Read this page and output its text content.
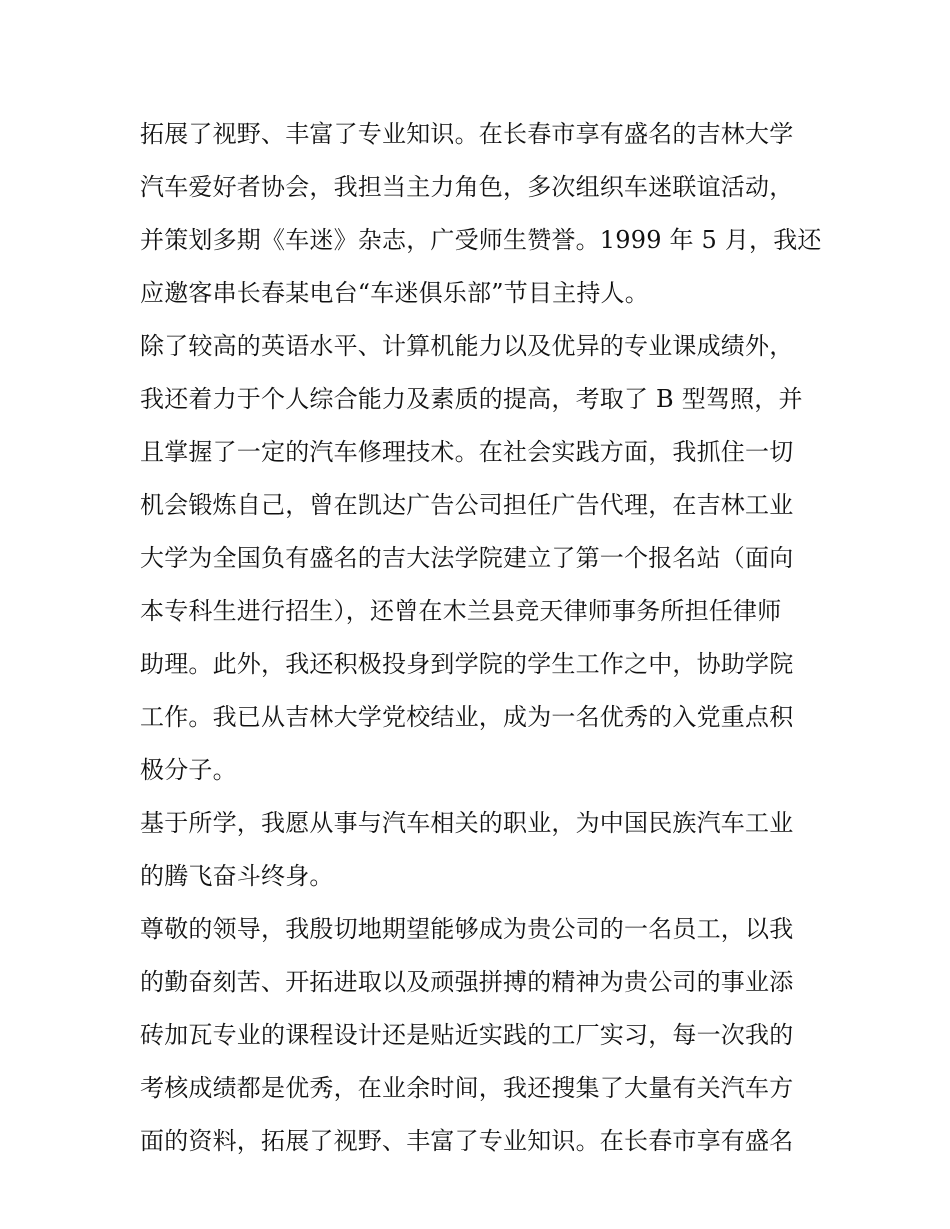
拓展了视野、丰富了专业知识。在长春市享有盛名的吉林大学
汽车爱好者协会，我担当主力角色，多次组织车迷联谊活动，
并策划多期《车迷》杂志，广受师生赞誉。1999 年 5 月，我还
应邀客串长春某电台“车迷俱乐部”节目主持人。

除了较高的英语水平、计算机能力以及优异的专业课成绩外，
我还着力于个人综合能力及素质的提高，考取了 B 型驾照，并
且掌握了一定的汽车修理技术。在社会实践方面，我抓住一切
机会锻炼自己，曾在凯达广告公司担任广告代理，在吉林工业
大学为全国负有盛名的吉大法学院建立了第一个报名站（面向
本专科生进行招生），还曾在木兰县竞天律师事务所担任律师
助理。此外，我还积极投身到学院的学生工作之中，协助学院
工作。我已从吉林大学党校结业，成为一名优秀的入党重点积
极分子。

基于所学，我愿从事与汽车相关的职业，为中国民族汽车工业
的腾飞奋斗终身。

尊敬的领导，我殷切地期望能够成为贵公司的一名员工，以我
的勤奋刻苦、开拓进取以及顽强拼搏的精神为贵公司的事业添
砖加瓦专业的课程设计还是贴近实践的工厂实习，每一次我的
考核成绩都是优秀，在业余时间，我还搜集了大量有关汽车方
面的资料，拓展了视野、丰富了专业知识。在长春市享有盛名
